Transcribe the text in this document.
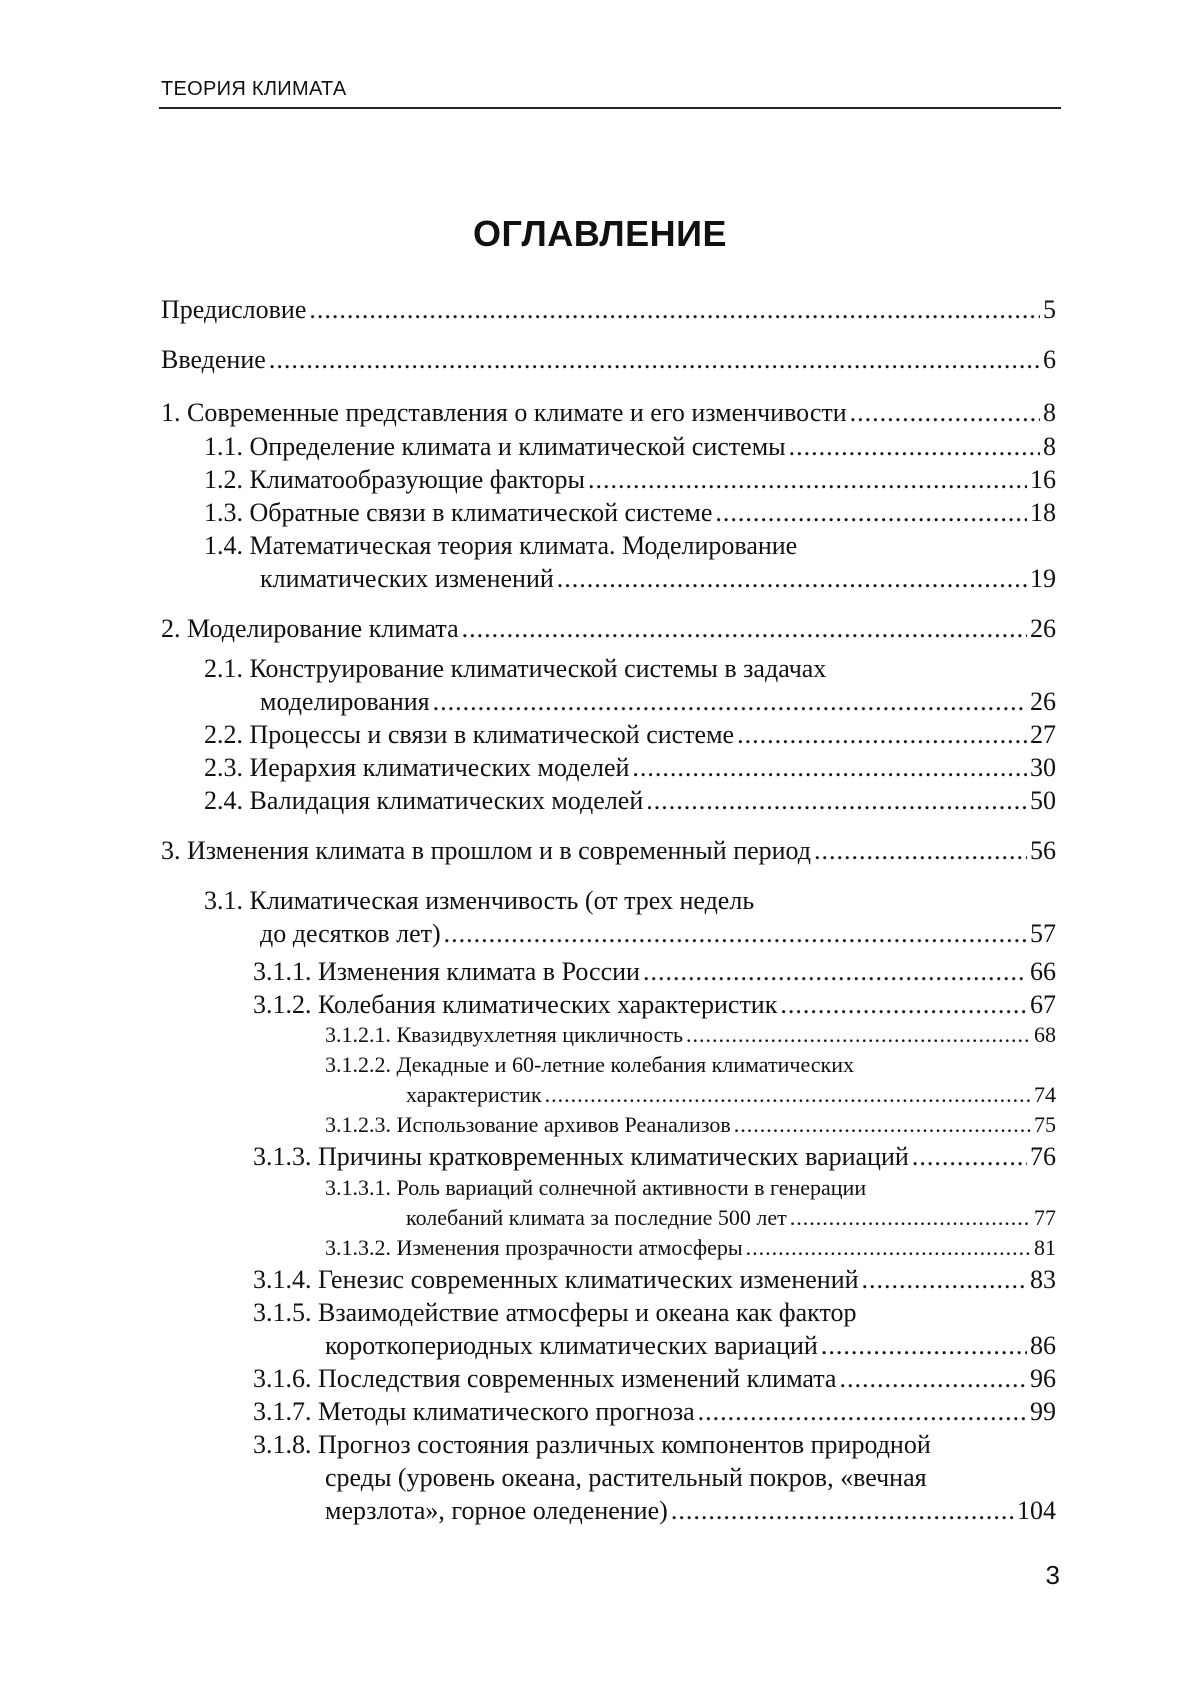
ТЕОРИЯ КЛИМАТА
ОГЛАВЛЕНИЕ
Предисловие .....	5
Введение .....	6
1. Современные представления о климате и его изменчивости .....	8
1.1. Определение климата и климатической системы .....	8
1.2. Климатообразующие факторы .....	16
1.3. Обратные связи в климатической системе .....	18
1.4. Математическая теория климата. Моделирование
климатических изменений .....	19
2. Моделирование климата .....	26
2.1. Конструирование климатической системы в задачах
моделирования .....	26
2.2. Процессы и связи в климатической системе .....	27
2.3. Иерархия климатических моделей .....	30
2.4. Валидация климатических моделей .....	50
3. Изменения климата в прошлом и в современный период .....	56
3.1. Климатическая изменчивость (от трех недель
до десятков лет) .....	57
3.1.1. Изменения климата в России .....	66
3.1.2. Колебания климатических характеристик .....	67
3.1.2.1. Квазидвухлетняя цикличность .....	68
3.1.2.2. Декадные и 60-летние колебания климатических
характеристик .....	74
3.1.2.3. Использование архивов Реанализов .....	75
3.1.3. Причины кратковременных климатических вариаций .....	76
3.1.3.1. Роль вариаций солнечной активности в генерации
колебаний климата за последние 500 лет .....	77
3.1.3.2. Изменения прозрачности атмосферы .....	81
3.1.4. Генезис современных климатических изменений .....	83
3.1.5. Взаимодействие атмосферы и океана как фактор
короткопериодных климатических вариаций .....	86
3.1.6. Последствия современных изменений климата .....	96
3.1.7. Методы климатического прогноза .....	99
3.1.8. Прогноз состояния различных компонентов природной
среды (уровень океана, растительный покров, «вечная
мерзлота», горное оледенение) .....	104
3
